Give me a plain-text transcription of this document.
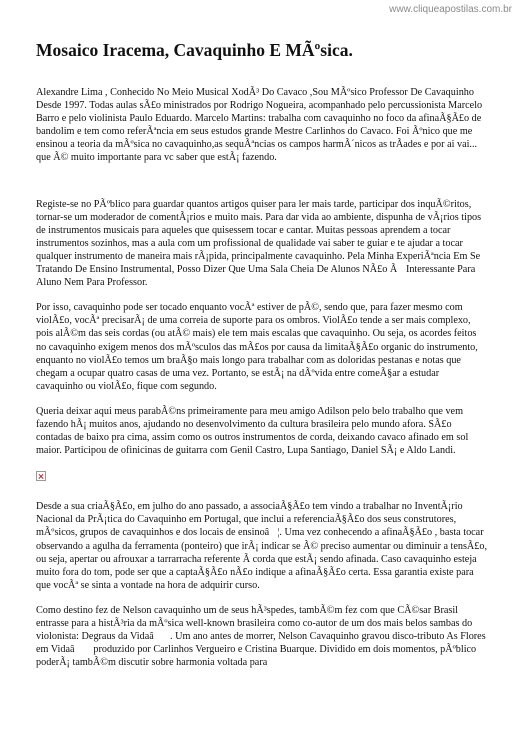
www.cliqueapostilas.com.br
Mosaico Iracema, Cavaquinho E MÃºsica.

Alexandre Lima , Conhecido No Meio Musical XodÃ³ Do Cavaco ,Sou MÃºsico Professor De Cavaquinho Desde 1997. Todas aulas sÃ£o ministrados por Rodrigo Nogueira, acompanhado pelo percussionista Marcelo Barro e pelo violinista Paulo Eduardo. Marcelo Martins: trabalha com cavaquinho no foco da afinaÃ§Ã£o de bandolim e tem como referÃªncia em seus estudos grande Mestre Carlinhos do Cavaco. Foi Ãºnico que me ensinou a teoria da mÃºsica no cavaquinho,as sequÃªncias os campos harmÃ´nicos as trÃades e por ai vai... que Ã© muito importante para vc saber que estÃ¡ fazendo.

Registe-se no PÃºblico para guardar quantos artigos quiser para ler mais tarde, participar dos inquÃ©ritos, tornar-se um moderador de comentÃ¡rios e muito mais. Para dar vida ao ambiente, dispunha de vÃ¡rios tipos de instrumentos musicais para aqueles que quisessem tocar e cantar. Muitas pessoas aprendem a tocar instrumentos sozinhos, mas a aula com um profissional de qualidade vai saber te guiar e te ajudar a tocar qualquer instrumento de maneira mais rÃ¡pida, principalmente cavaquinho. Pela Minha ExperiÃªncia Em Se Tratando De Ensino Instrumental, Posso Dizer Que Uma Sala Cheia De Alunos NÃ£o Ã Interessante Para Aluno Nem Para Professor.

Por isso, cavaquinho pode ser tocado enquanto vocÃª estiver de pÃ©, sendo que, para fazer mesmo com violÃ£o, vocÃª precisarÃ¡ de uma correia de suporte para os ombros. ViolÃ£o tende a ser mais complexo, pois alÃ©m das seis cordas (ou atÃ© mais) ele tem mais escalas que cavaquinho. Ou seja, os acordes feitos no cavaquinho exigem menos dos mÃºsculos das mÃ£os por causa da limitaÃ§Ã£o organic do instrumento, enquanto no violÃ£o temos um braÃ§o mais longo para trabalhar com as doloridas pestanas e notas que chegam a ocupar quatro casas de uma vez. Portanto, se estÃ¡ na dÃºvida entre comeÃ§ar a estudar cavaquinho ou violÃ£o, fique com segundo.

Queria deixar aqui meus parabÃ©ns primeiramente para meu amigo Adilson pelo belo trabalho que vem fazendo hÃ¡ muitos anos, ajudando no desenvolvimento da cultura brasileira pelo mundo afora. SÃ£o contadas de baixo pra cima, assim como os outros instrumentos de corda, deixando cavaco afinado em sol maior. Participou de ofinicinas de guitarra com Genil Castro, Lupa Santiago, Daniel SÃ¡ e Aldo Landi.

Desde a sua criaÃ§Ã£o, em julho do ano passado, a associaÃ§Ã£o tem vindo a trabalhar no InventÃ¡rio Nacional da PrÃ¡tica do Cavaquinho em Portugal, que inclui a referenciaÃ§Ã£o dos seus construtores, mÃºsicos, grupos de cavaquinhos e dos locais de ensinoâ¦. Uma vez conhecendo a afinaÃ§Ã£o , basta tocar observando a agulha da ferramenta (ponteiro) que irÃ¡ indicar se Ã© preciso aumentar ou diminuir a tensÃ£o, ou seja, apertar ou afrouxar a tarrarracha referente Ã corda que estÃ¡ sendo afinada. Caso cavaquinho esteja muito fora do tom, pode ser que a captaÃ§Ã£o nÃ£o indique a afinaÃ§Ã£o certa. Essa garantia existe para que vocÃª se sinta a vontade na hora de adquirir curso.

Como destino fez de Nelson cavaquinho um de seus hÃ³spedes, tambÃ©m fez com que CÃ©sar Brasil entrasse para a histÃ³ria da mÃºsica well-known brasileira como co-autor de um dos mais belos sambas do violonista: Degraus da Vidaâ. Um ano antes de morrer, Nelson Cavaquinho gravou disco-tributo As Flores em Vidaâ produzido por Carlinhos Vergueiro e Cristina Buarque. Dividido em dois momentos, pÃºblico poderÃ¡ tambÃ©m discutir sobre harmonia voltada para
